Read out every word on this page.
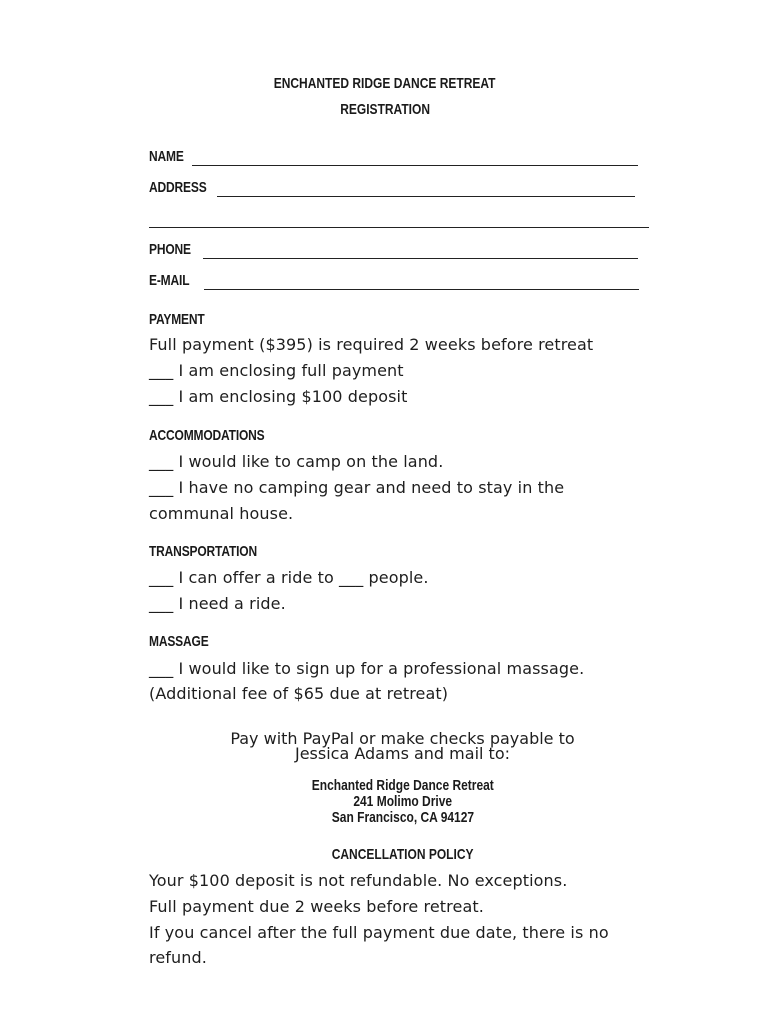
ENCHANTED RIDGE DANCE RETREAT
REGISTRATION
NAME
ADDRESS
PHONE
E-MAIL
PAYMENT
Full payment ($395) is required 2 weeks before retreat
___ I am enclosing full payment
___ I am enclosing $100 deposit
ACCOMMODATIONS
___ I would like to camp on the land.
___ I have no camping gear and need to stay in the
communal house.
TRANSPORTATION
___ I can offer a ride to ___ people.
___ I need a ride.
MASSAGE
___ I would like to sign up for a professional massage.
(Additional fee of $65 due at retreat)
Pay with PayPal or make checks payable to
Jessica Adams and mail to:
Enchanted Ridge Dance Retreat
241 Molimo Drive
San Francisco, CA 94127
CANCELLATION POLICY
Your $100 deposit is not refundable. No exceptions.
Full payment due 2 weeks before retreat.
If you cancel after the full payment due date, there is no
refund.
